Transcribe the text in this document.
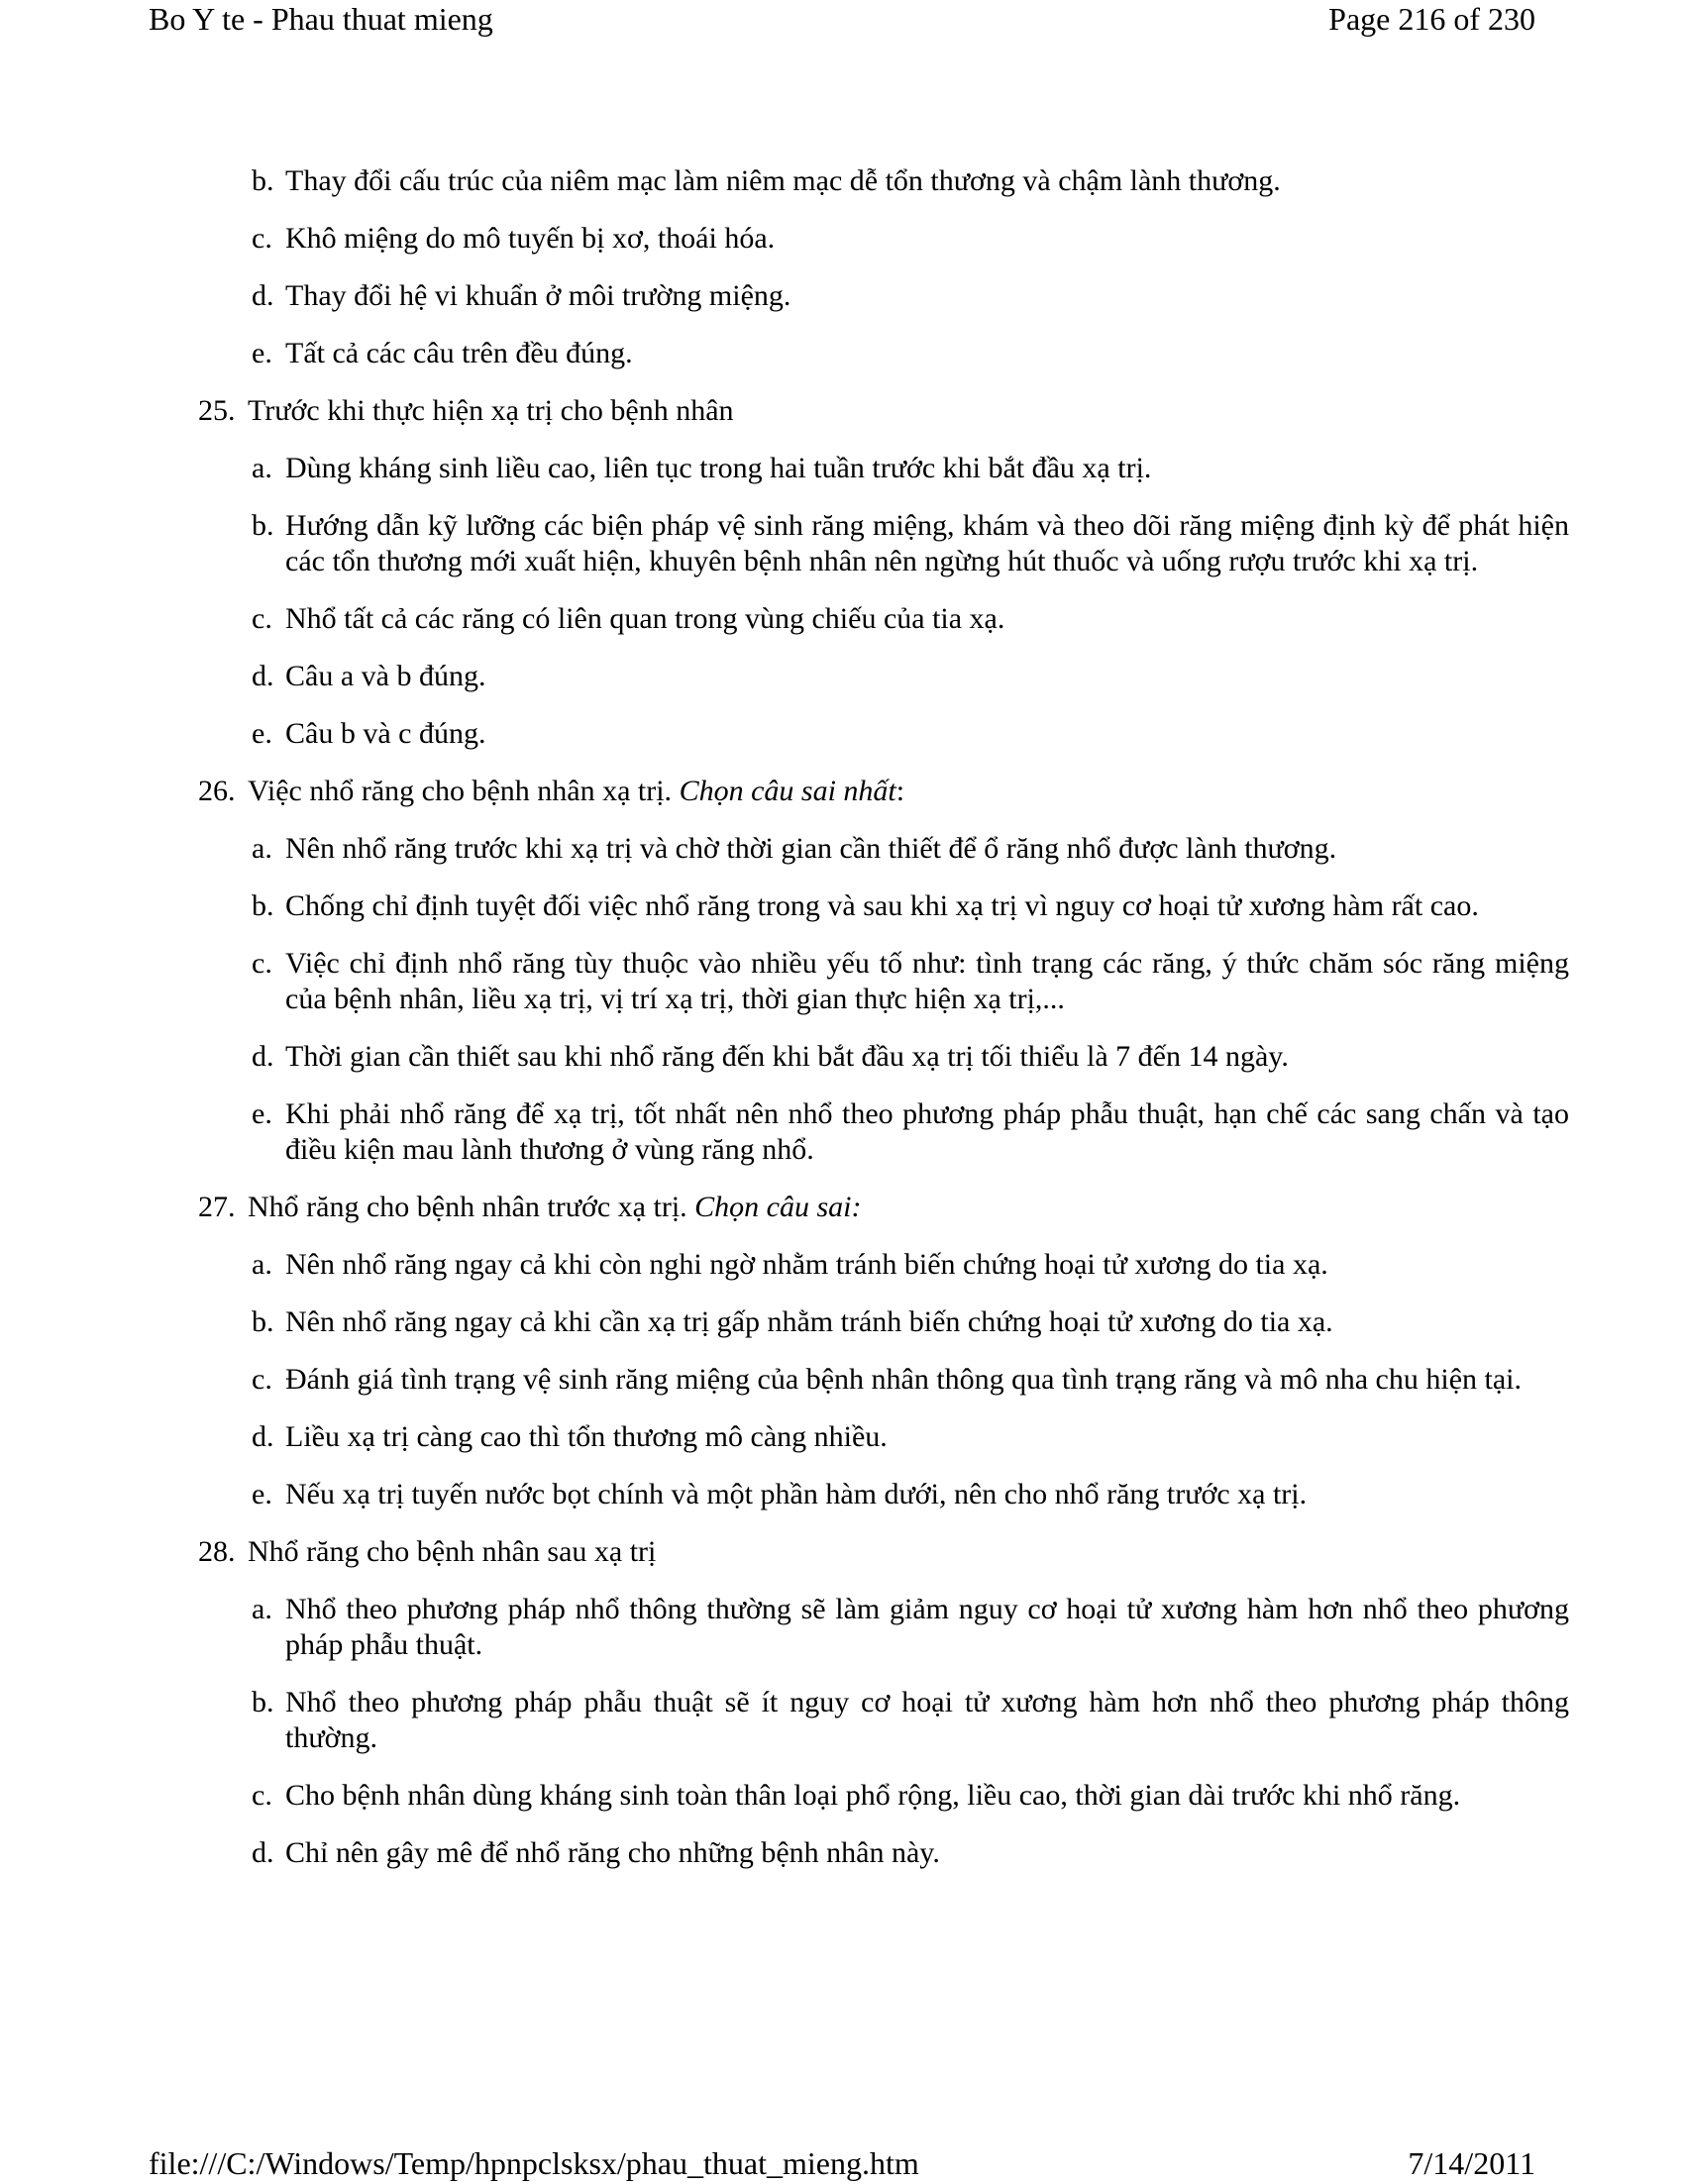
Bo Y te - Phau thuat mieng	Page 216 of 230
b. Thay đổi cấu trúc của niêm mạc làm niêm mạc dễ tổn thương và chậm lành thương.
c. Khô miệng do mô tuyến bị xơ, thoái hóa.
d. Thay đổi hệ vi khuẩn ở môi trường miệng.
e. Tất cả các câu trên đều đúng.
25. Trước khi thực hiện xạ trị cho bệnh nhân
a. Dùng kháng sinh liều cao, liên tục trong hai tuần trước khi bắt đầu xạ trị.
b. Hướng dẫn kỹ lưỡng các biện pháp vệ sinh răng miệng, khám và theo dõi răng miệng định kỳ để phát hiện các tổn thương mới xuất hiện, khuyên bệnh nhân nên ngừng hút thuốc và uống rượu trước khi xạ trị.
c. Nhổ tất cả các răng có liên quan trong vùng chiếu của tia xạ.
d. Câu a và b đúng.
e. Câu b và c đúng.
26. Việc nhổ răng cho bệnh nhân xạ trị. Chọn câu sai nhất:
a. Nên nhổ răng trước khi xạ trị và chờ thời gian cần thiết để ổ răng nhổ được lành thương.
b. Chống chỉ định tuyệt đối việc nhổ răng trong và sau khi xạ trị vì nguy cơ hoại tử xương hàm rất cao.
c. Việc chỉ định nhổ răng tùy thuộc vào nhiều yếu tố như: tình trạng các răng, ý thức chăm sóc răng miệng của bệnh nhân, liều xạ trị, vị trí xạ trị, thời gian thực hiện xạ trị,...
d. Thời gian cần thiết sau khi nhổ răng đến khi bắt đầu xạ trị tối thiểu là 7 đến 14 ngày.
e. Khi phải nhổ răng để xạ trị, tốt nhất nên nhổ theo phương pháp phẫu thuật, hạn chế các sang chấn và tạo điều kiện mau lành thương ở vùng răng nhổ.
27. Nhổ răng cho bệnh nhân trước xạ trị. Chọn câu sai:
a. Nên nhổ răng ngay cả khi còn nghi ngờ nhằm tránh biến chứng hoại tử xương do tia xạ.
b. Nên nhổ răng ngay cả khi cần xạ trị gấp nhằm tránh biến chứng hoại tử xương do tia xạ.
c. Đánh giá tình trạng vệ sinh răng miệng của bệnh nhân thông qua tình trạng răng và mô nha chu hiện tại.
d. Liều xạ trị càng cao thì tổn thương mô càng nhiều.
e. Nếu xạ trị tuyến nước bọt chính và một phần hàm dưới, nên cho nhổ răng trước xạ trị.
28. Nhổ răng cho bệnh nhân sau xạ trị
a. Nhổ theo phương pháp nhổ thông thường sẽ làm giảm nguy cơ hoại tử xương hàm hơn nhổ theo phương pháp phẫu thuật.
b. Nhổ theo phương pháp phẫu thuật sẽ ít nguy cơ hoại tử xương hàm hơn nhổ theo phương pháp thông thường.
c. Cho bệnh nhân dùng kháng sinh toàn thân loại phổ rộng, liều cao, thời gian dài trước khi nhổ răng.
d. Chỉ nên gây mê để nhổ răng cho những bệnh nhân này.
file:///C:/Windows/Temp/hpnpclsksx/phau_thuat_mieng.htm	7/14/2011
